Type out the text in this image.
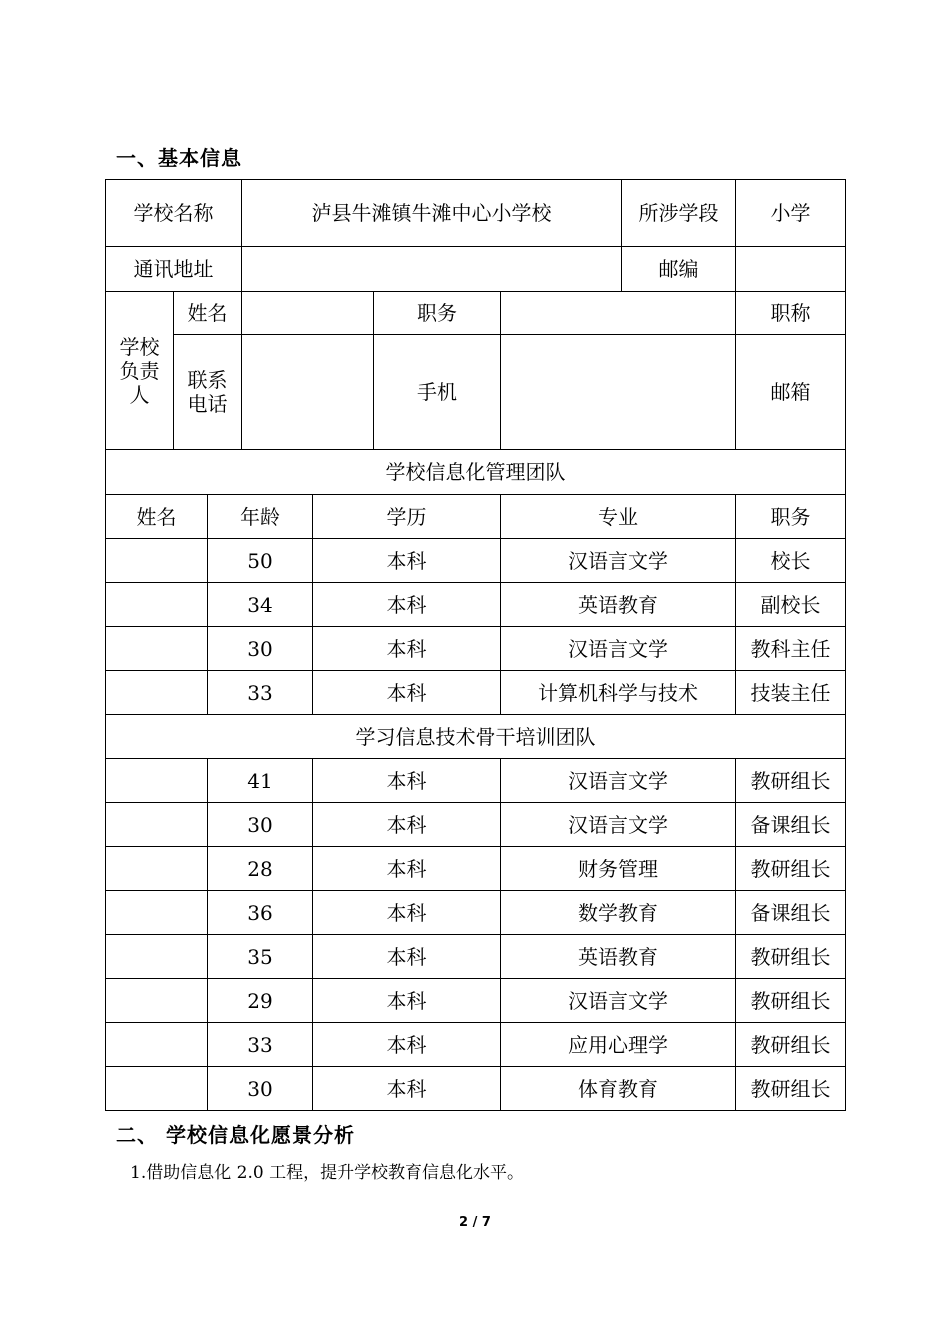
一、基本信息
学校名称			泸县牛滩镇牛滩中心小学校				所涉学段	小学	
通讯地址							邮编		
学校负责人	姓名				职务			职称	
	联系电话				手机			邮箱	
学校信息化管理团队									
姓名		年龄		学历		专业		职务	
		50		本科		汉语言文学		校长	
		34		本科		英语教育		副校长	
		30		本科		汉语言文学		教科主任	
		33		本科		计算机科学与技术		技装主任	
学习信息技术骨干培训团队									
		41		本科		汉语言文学		教研组长	
		30		本科		汉语言文学		备课组长	
		28		本科		财务管理		教研组长	
		36		本科		数学教育		备课组长	
		35		本科		英语教育		教研组长	
		29		本科		汉语言文学		教研组长	
		33		本科		应用心理学		教研组长	
		30		本科		体育教育		教研组长	
二、 学校信息化愿景分析

1.借助信息化 2.0 工程，提升学校教育信息化水平。

2 / 7
